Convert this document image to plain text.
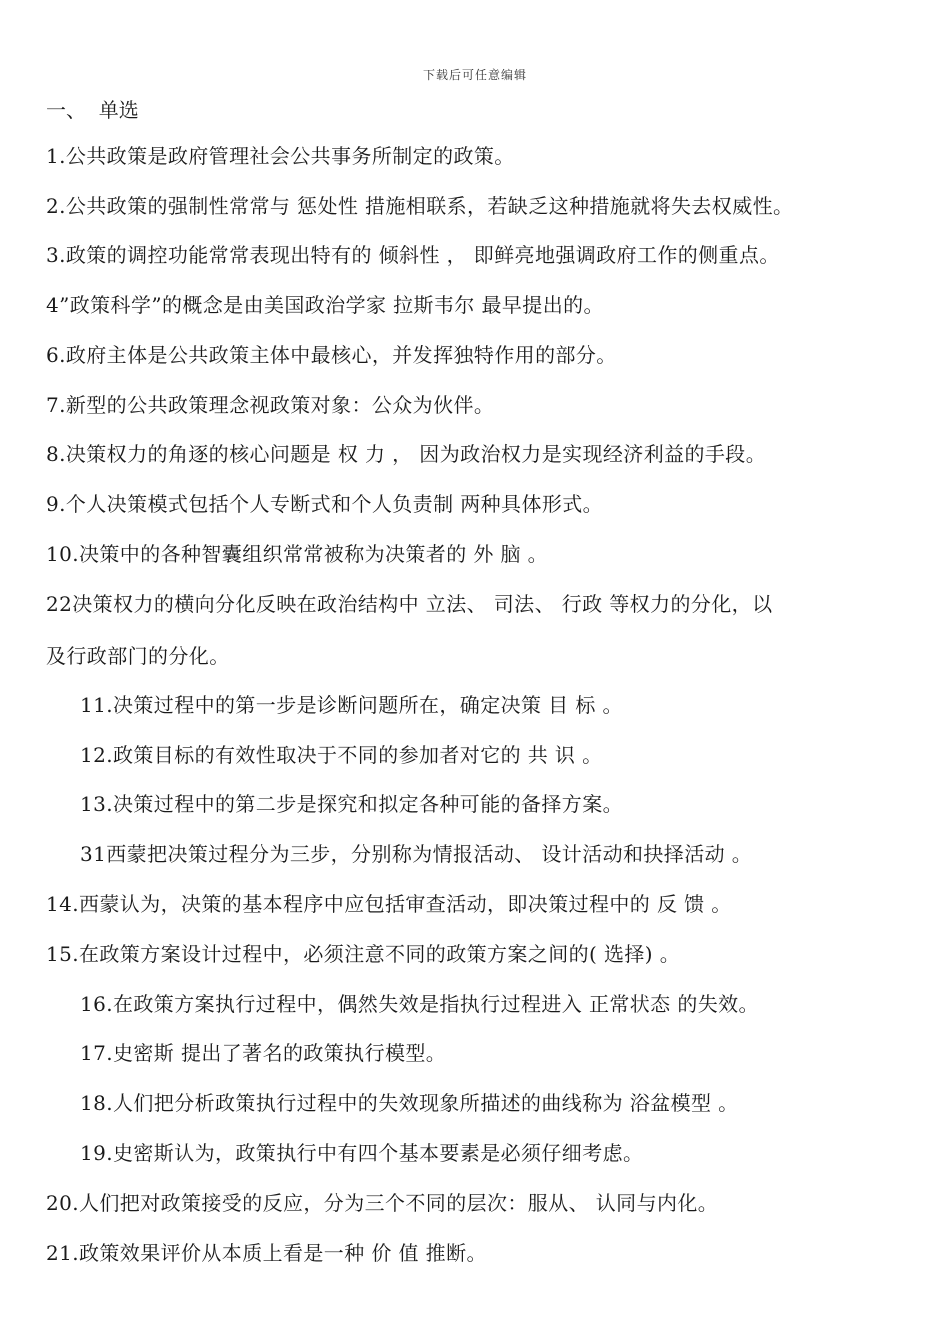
下载后可任意编辑
一、  单选
1.公共政策是政府管理社会公共事务所制定的政策。
2.公共政策的强制性常常与 惩处性 措施相联系，若缺乏这种措施就将失去权威性。
3.政策的调控功能常常表现出特有的 倾斜性 ， 即鲜亮地强调政府工作的侧重点。
4”政策科学”的概念是由美国政治学家 拉斯韦尔 最早提出的。
6.政府主体是公共政策主体中最核心，并发挥独特作用的部分。
7.新型的公共政策理念视政策对象：公众为伙伴。
8.决策权力的角逐的核心问题是 权 力 ， 因为政治权力是实现经济利益的手段。
9.个人决策模式包括个人专断式和个人负责制 两种具体形式。
10.决策中的各种智囊组织常常被称为决策者的 外 脑 。
22决策权力的横向分化反映在政治结构中 立法、 司法、 行政 等权力的分化，以
及行政部门的分化。
11.决策过程中的第一步是诊断问题所在，确定决策 目 标 。
12.政策目标的有效性取决于不同的参加者对它的 共 识 。
13.决策过程中的第二步是探究和拟定各种可能的备择方案。
31西蒙把决策过程分为三步，分别称为情报活动、 设计活动和抉择活动 。
14.西蒙认为，决策的基本程序中应包括审查活动，即决策过程中的 反 馈 。
15.在政策方案设计过程中，必须注意不同的政策方案之间的( 选择) 。
16.在政策方案执行过程中，偶然失效是指执行过程进入 正常状态 的失效。
17.史密斯 提出了著名的政策执行模型。
18.人们把分析政策执行过程中的失效现象所描述的曲线称为 浴盆模型 。
19.史密斯认为，政策执行中有四个基本要素是必须仔细考虑。
20.人们把对政策接受的反应，分为三个不同的层次：服从、 认同与内化。
21.政策效果评价从本质上看是一种 价 值 推断。
